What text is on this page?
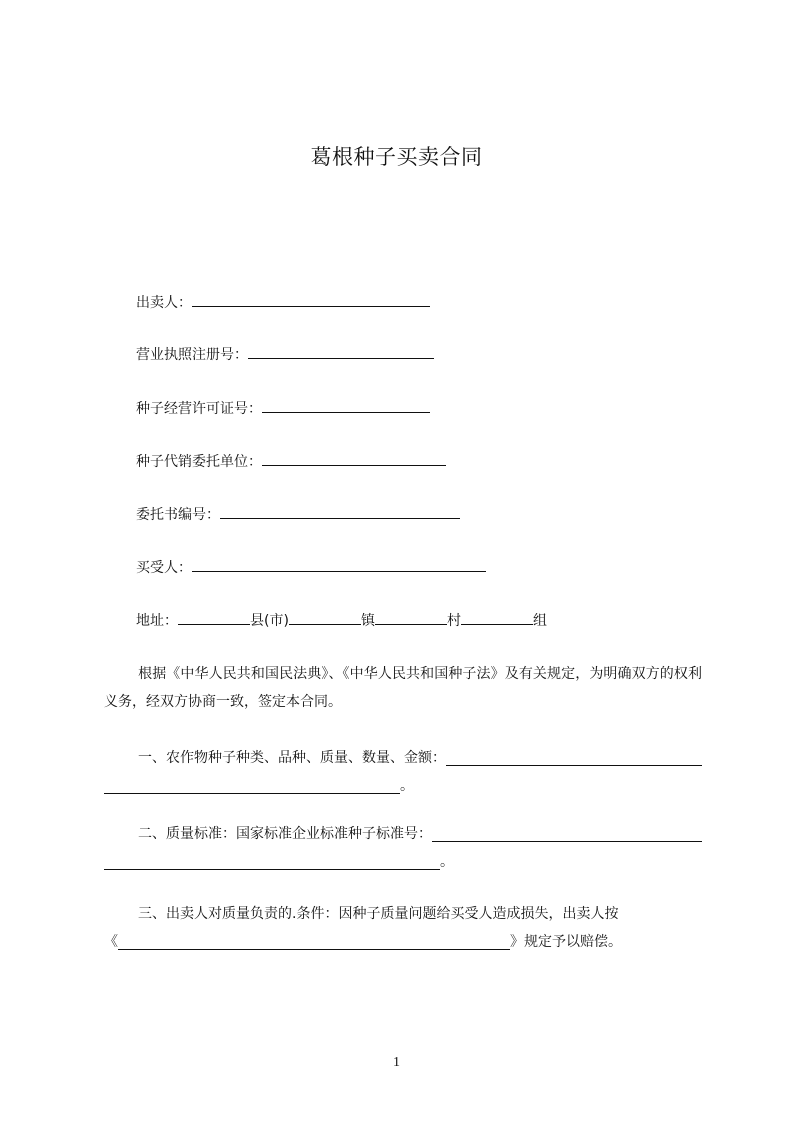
葛根种子买卖合同
出卖人：
营业执照注册号：
种子经营许可证号：
种子代销委托单位：
委托书编号：
买受人：
地址：	县(市)	镇	村	组
根据《中华人民共和国民法典》、《中华人民共和国种子法》及有关规定，为明确双方的权利义务，经双方协商一致，签定本合同。
一、农作物种子种类、品种、质量、数量、金额：
。
二、质量标准：国家标准企业标准种子标准号：
。
三、出卖人对质量负责的.条件：因种子质量问题给买受人造成损失，出卖人按
《	》规定予以赔偿。
1
